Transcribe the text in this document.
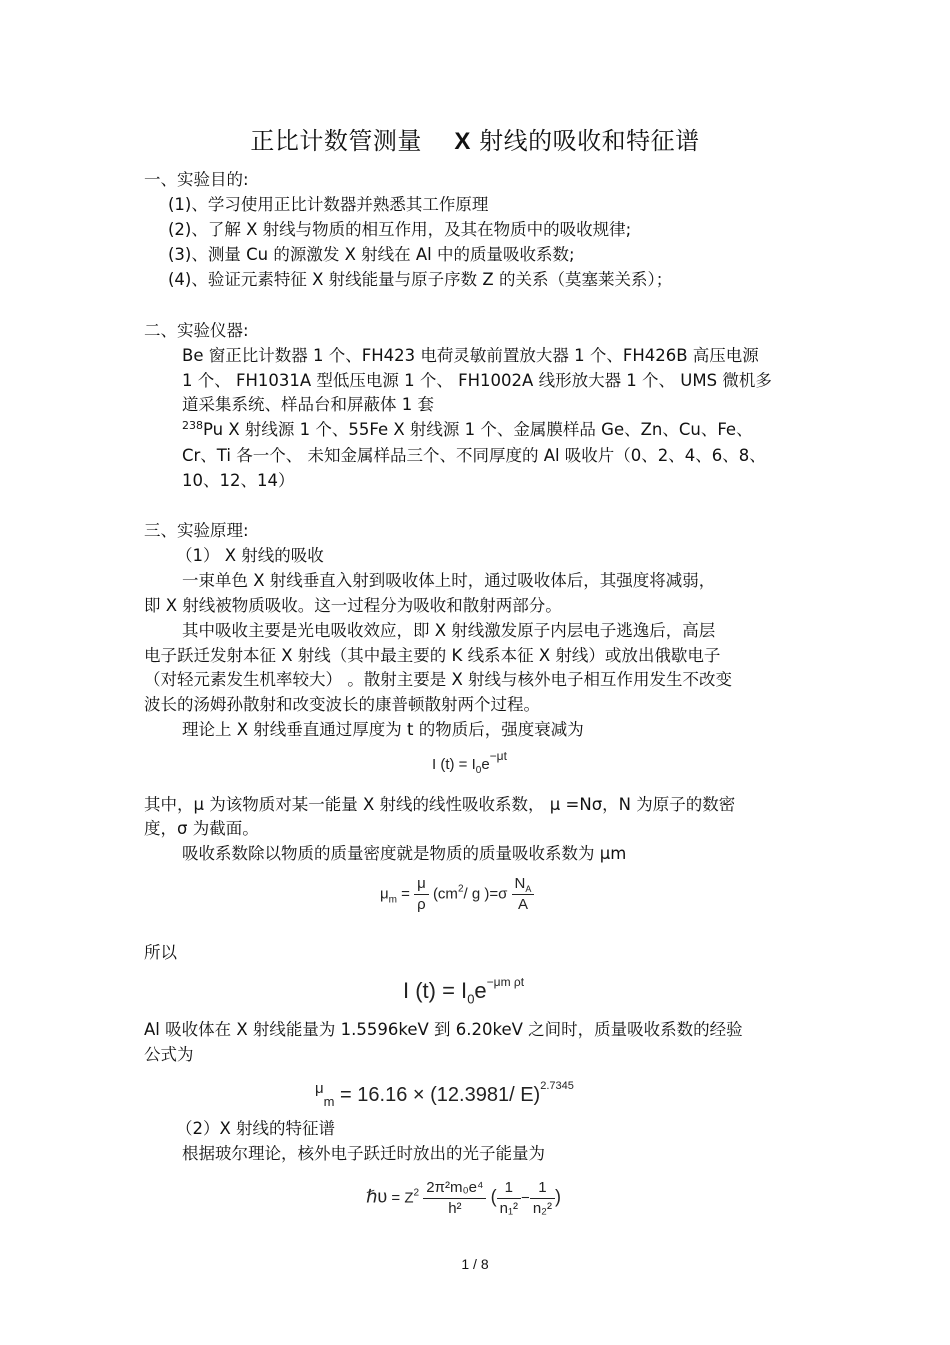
正比计数管测量 X 射线的吸收和特征谱
一、实验目的:
(1)、学习使用正比计数器并熟悉其工作原理
(2)、了解 X 射线与物质的相互作用，及其在物质中的吸收规律;
(3)、测量 Cu 的源激发 X 射线在 Al 中的质量吸收系数;
(4)、验证元素特征 X 射线能量与原子序数 Z 的关系（莫塞莱关系）；
二、实验仪器:
Be 窗正比计数器 1 个、FH423 电荷灵敏前置放大器 1 个、FH426B 高压电源
1 个、 FH1031A 型低压电源 1 个、 FH1002A 线形放大器 1 个、 UMS 微机多
道采集系统、样品台和屏蔽体 1 套
$^{238}$Pu X 射线源 1 个、55Fe X 射线源 1 个、金属膜样品 Ge、Zn、Cu、Fe、
Cr、Ti 各一个、 未知金属样品三个、不同厚度的 Al 吸收片（0、2、4、6、8、
10、12、14）
三、实验原理:
（1） X 射线的吸收
一束单色 X 射线垂直入射到吸收体上时，通过吸收体后，其强度将减弱，
即 X 射线被物质吸收。这一过程分为吸收和散射两部分。
其中吸收主要是光电吸收效应，即 X 射线激发原子内层电子逃逸后，高层
电子跃迁发射本征 X 射线（其中最主要的 K 线系本征 X 射线）或放出俄歇电子
（对轻元素发生机率较大） 。散射主要是 X 射线与核外电子相互作用发生不改变
波长的汤姆孙散射和改变波长的康普顿散射两个过程。
理论上 X 射线垂直通过厚度为 t 的物质后，强度衰减为
I $(t) = I_0e^{-\mu t}$
其中，μ 为该物质对某一能量 X 射线的线性吸收系数， μ =Nσ，N 为原子的数密
度，σ 为截面。
吸收系数除以物质的质量密度就是物质的质量吸收系数为 μm
$\mu_m = \frac{\mu}{\rho} (cm^2/$ g )$=\sigma \frac{N_A}{A}$
所以
I $(t) = I_0e^{-\mu m \rho t}$
Al 吸收体在 X 射线能量为 1.5596keV 到 6.20keV 之间时，质量吸收系数的经验
公式为
$^\mu_m$ = 16.16 × (12.3981/ E)$^{2.7345}$
（2）X 射线的特征谱
根据玻尔理论，核外电子跃迁时放出的光子能量为
ℏυ = $Z^2 \frac{\text{2π²m₀e⁴}}{\text{h²}}$ ( $\frac{1}{\text{n₁²}} - \frac{1}{\text{n₂²}}$ )
1 / 8
